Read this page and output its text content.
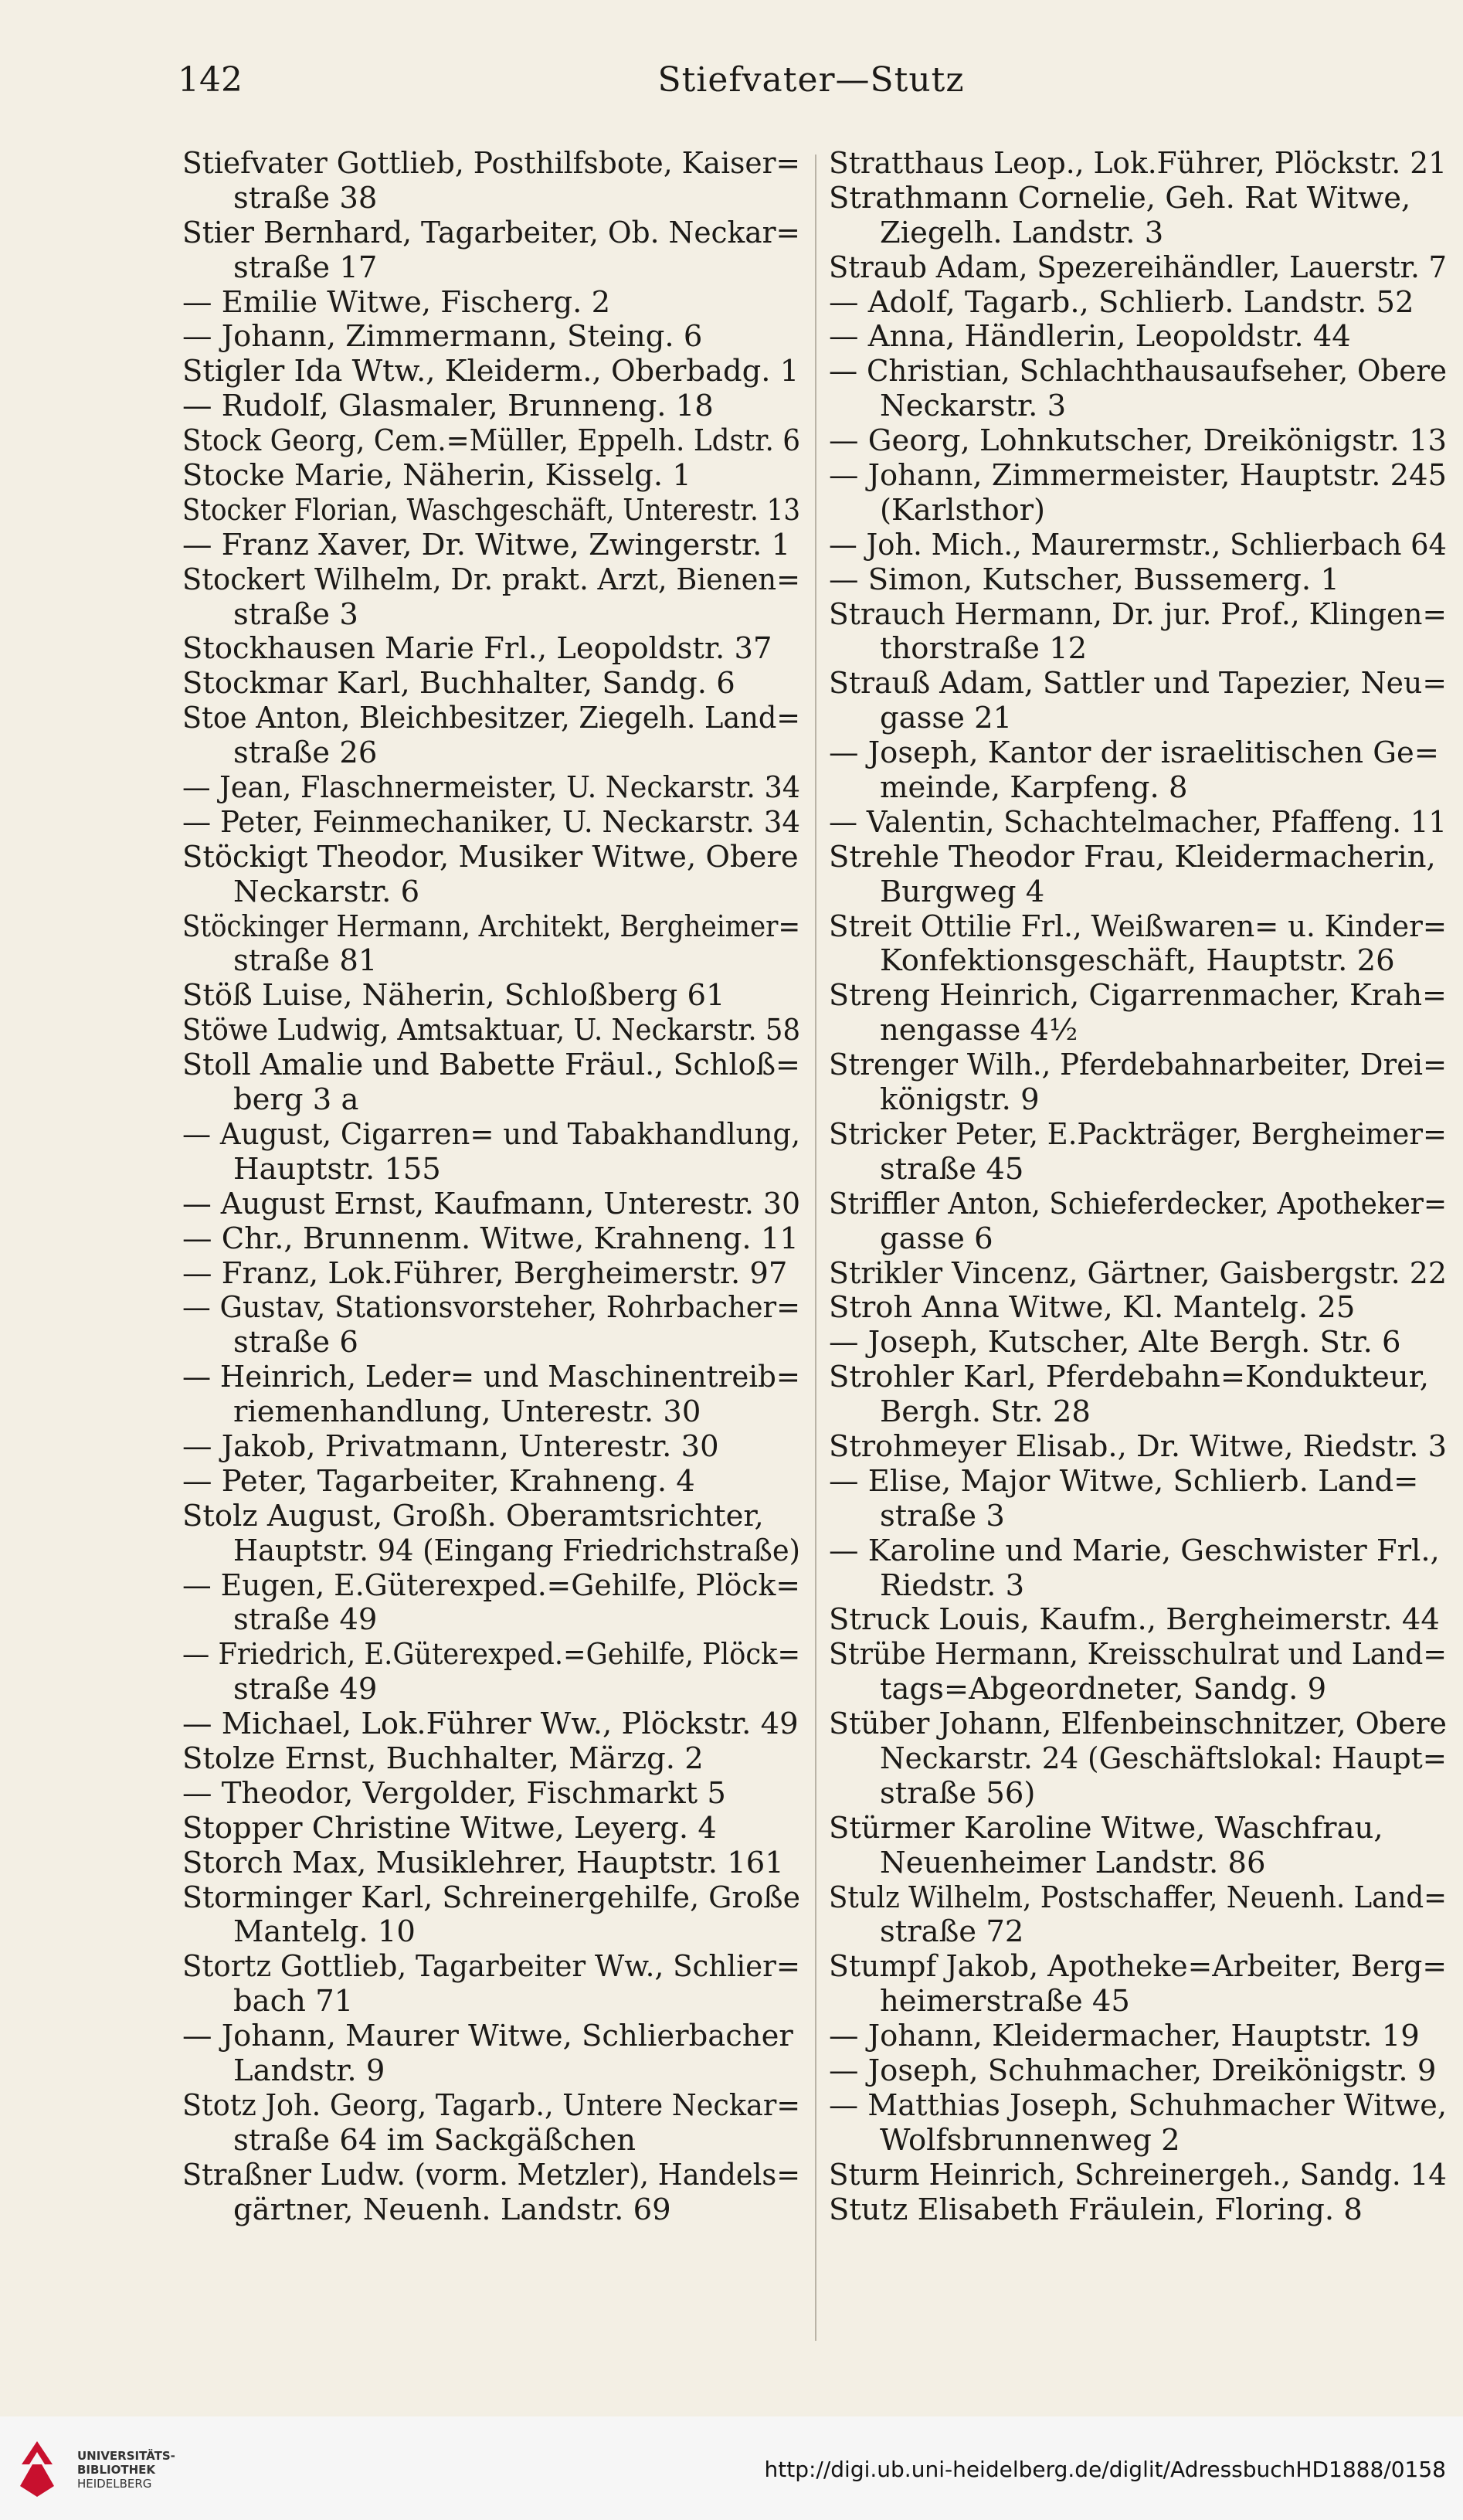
142	Stiefvater—Stutz
Stiefvater Gottlieb, Posthilfsbote, Kaiser=
straße 38
Stier Bernhard, Tagarbeiter, Ob. Neckar=
straße 17
— Emilie Witwe, Fischerg. 2
— Johann, Zimmermann, Steing. 6
Stigler Ida Wtw., Kleiderm., Oberbadg. 1
— Rudolf, Glasmaler, Brunneng. 18
Stock Georg, Cem.=Müller, Eppelh. Ldstr. 6
Stocke Marie, Näherin, Kisselg. 1
Stocker Florian, Waschgeschäft, Unterestr. 13
— Franz Xaver, Dr. Witwe, Zwingerstr. 1
Stockert Wilhelm, Dr. prakt. Arzt, Bienen=
straße 3
Stockhausen Marie Frl., Leopoldstr. 37
Stockmar Karl, Buchhalter, Sandg. 6
Stoe Anton, Bleichbesitzer, Ziegelh. Land=
straße 26
— Jean, Flaschnermeister, U. Neckarstr. 34
— Peter, Feinmechaniker, U. Neckarstr. 34
Stöckigt Theodor, Musiker Witwe, Obere
Neckarstr. 6
Stöckinger Hermann, Architekt, Bergheimer=
straße 81
Stöß Luise, Näherin, Schloßberg 61
Stöwe Ludwig, Amtsaktuar, U. Neckarstr. 58
Stoll Amalie und Babette Fräul., Schloß=
berg 3 a
— August, Cigarren= und Tabakhandlung,
Hauptstr. 155
— August Ernst, Kaufmann, Unterestr. 30
— Chr., Brunnenm. Witwe, Krahneng. 11
— Franz, Lok.Führer, Bergheimerstr. 97
— Gustav, Stationsvorsteher, Rohrbacher=
straße 6
— Heinrich, Leder= und Maschinentreib=
riemenhandlung, Unterestr. 30
— Jakob, Privatmann, Unterestr. 30
— Peter, Tagarbeiter, Krahneng. 4
Stolz August, Großh. Oberamtsrichter,
Hauptstr. 94 (Eingang Friedrichstraße)
— Eugen, E.Güterexped.=Gehilfe, Plöck=
straße 49
— Friedrich, E.Güterexped.=Gehilfe, Plöck=
straße 49
— Michael, Lok.Führer Ww., Plöckstr. 49
Stolze Ernst, Buchhalter, Märzg. 2
— Theodor, Vergolder, Fischmarkt 5
Stopper Christine Witwe, Leyerg. 4
Storch Max, Musiklehrer, Hauptstr. 161
Storminger Karl, Schreinergehilfe, Große
Mantelg. 10
Stortz Gottlieb, Tagarbeiter Ww., Schlier=
bach 71
— Johann, Maurer Witwe, Schlierbacher
Landstr. 9
Stotz Joh. Georg, Tagarb., Untere Neckar=
straße 64 im Sackgäßchen
Straßner Ludw. (vorm. Metzler), Handels=
gärtner, Neuenh. Landstr. 69
Stratthaus Leop., Lok.Führer, Plöckstr. 21
Strathmann Cornelie, Geh. Rat Witwe,
Ziegelh. Landstr. 3
Straub Adam, Spezereihändler, Lauerstr. 7
— Adolf, Tagarb., Schlierb. Landstr. 52
— Anna, Händlerin, Leopoldstr. 44
— Christian, Schlachthausaufseher, Obere
Neckarstr. 3
— Georg, Lohnkutscher, Dreikönigstr. 13
— Johann, Zimmermeister, Hauptstr. 245
(Karlsthor)
— Joh. Mich., Maurermstr., Schlierbach 64
— Simon, Kutscher, Bussemerg. 1
Strauch Hermann, Dr. jur. Prof., Klingen=
thorstraße 12
Strauß Adam, Sattler und Tapezier, Neu=
gasse 21
— Joseph, Kantor der israelitischen Ge=
meinde, Karpfeng. 8
— Valentin, Schachtelmacher, Pfaffeng. 11
Strehle Theodor Frau, Kleidermacherin,
Burgweg 4
Streit Ottilie Frl., Weißwaren= u. Kinder=
Konfektionsgeschäft, Hauptstr. 26
Streng Heinrich, Cigarrenmacher, Krah=
nengasse 4½
Strenger Wilh., Pferdebahnarbeiter, Drei=
königstr. 9
Stricker Peter, E.Packträger, Bergheimer=
straße 45
Striffler Anton, Schieferdecker, Apotheker=
gasse 6
Strikler Vincenz, Gärtner, Gaisbergstr. 22
Stroh Anna Witwe, Kl. Mantelg. 25
— Joseph, Kutscher, Alte Bergh. Str. 6
Strohler Karl, Pferdebahn=Kondukteur,
Bergh. Str. 28
Strohmeyer Elisab., Dr. Witwe, Riedstr. 3
— Elise, Major Witwe, Schlierb. Land=
straße 3
— Karoline und Marie, Geschwister Frl.,
Riedstr. 3
Struck Louis, Kaufm., Bergheimerstr. 44
Strübe Hermann, Kreisschulrat und Land=
tags=Abgeordneter, Sandg. 9
Stüber Johann, Elfenbeinschnitzer, Obere
Neckarstr. 24 (Geschäftslokal: Haupt=
straße 56)
Stürmer Karoline Witwe, Waschfrau,
Neuenheimer Landstr. 86
Stulz Wilhelm, Postschaffer, Neuenh. Land=
straße 72
Stumpf Jakob, Apotheke=Arbeiter, Berg=
heimerstraße 45
— Johann, Kleidermacher, Hauptstr. 19
— Joseph, Schuhmacher, Dreikönigstr. 9
— Matthias Joseph, Schuhmacher Witwe,
Wolfsbrunnenweg 2
Sturm Heinrich, Schreinergeh., Sandg. 14
Stutz Elisabeth Fräulein, Floring. 8
UNIVERSITÄTS-
BIBLIOTHEK
HEIDELBERG
http://digi.ub.uni-heidelberg.de/diglit/AdressbuchHD1888/0158
